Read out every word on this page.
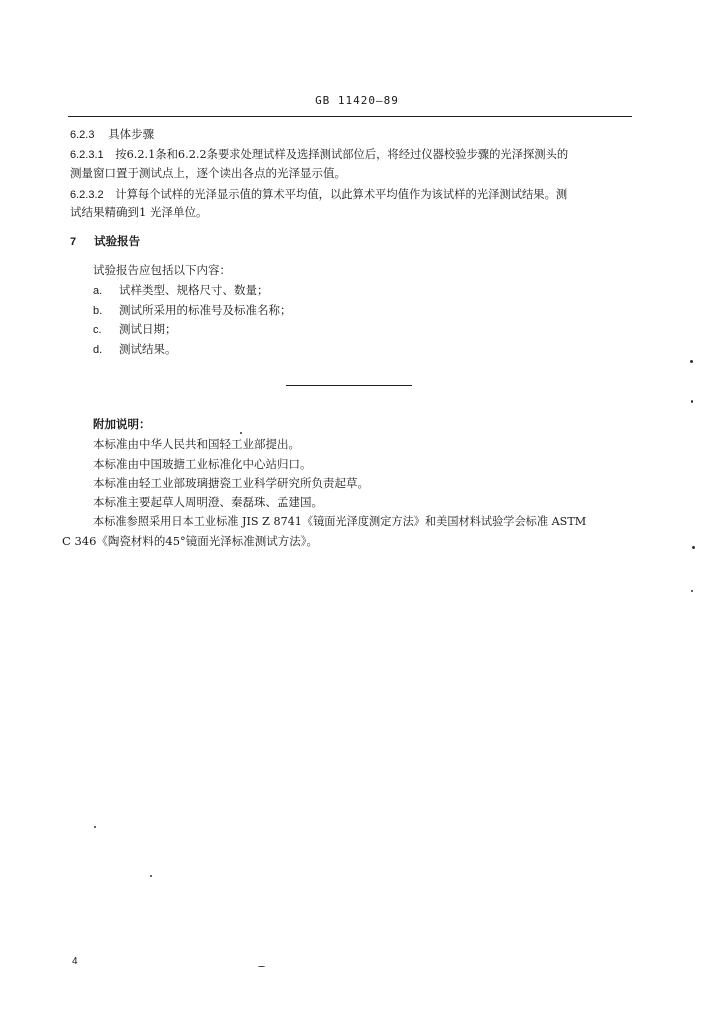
GB 11420—89
6.2.3 具体步骤
6.2.3.1 按6.2.1条和6.2.2条要求处理试样及选择测试部位后，将经过仪器校验步骤的光泽探测头的
测量窗口置于测试点上，逐个读出各点的光泽显示值。
6.2.3.2 计算每个试样的光泽显示值的算术平均值，以此算术平均值作为该试样的光泽测试结果。测
试结果精确到1 光泽单位。
7 试验报告
试验报告应包括以下内容：
a. 试样类型、规格尺寸、数量；
b. 测试所采用的标准号及标准名称；
c. 测试日期；
d. 测试结果。
附加说明：
本标准由中华人民共和国轻工业部提出。
本标准由中国玻搪工业标准化中心站归口。
本标准由轻工业部玻璃搪瓷工业科学研究所负责起草。
本标准主要起草人周明澄、秦磊珠、孟建国。
本标准参照采用日本工业标准 JIS Z 8741《镜面光泽度测定方法》和美国材料试验学会标准 ASTM
C 346《陶瓷材料的45°镜面光泽标准测试方法》。
4
